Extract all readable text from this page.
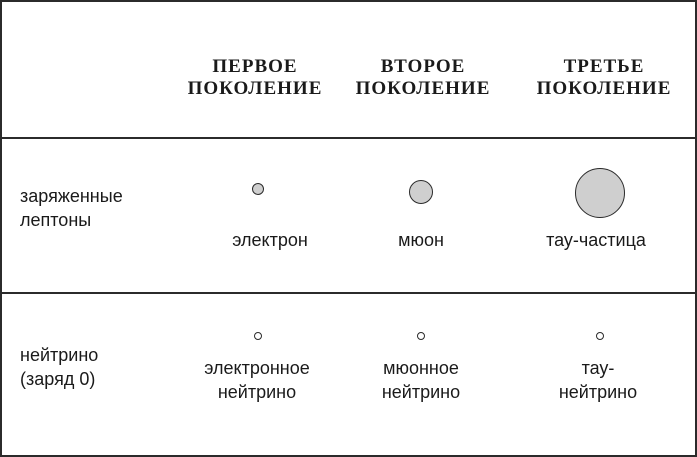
ПЕРВОЕ
ПОКОЛЕНИЕ
ВТОРОЕ
ПОКОЛЕНИЕ
ТРЕТЬЕ
ПОКОЛЕНИЕ
заряженные
лептоны
электрон	мюон	тау-частица
нейтрино
(заряд 0)
электронное
нейтрино
мюонное
нейтрино
тау-
нейтрино
